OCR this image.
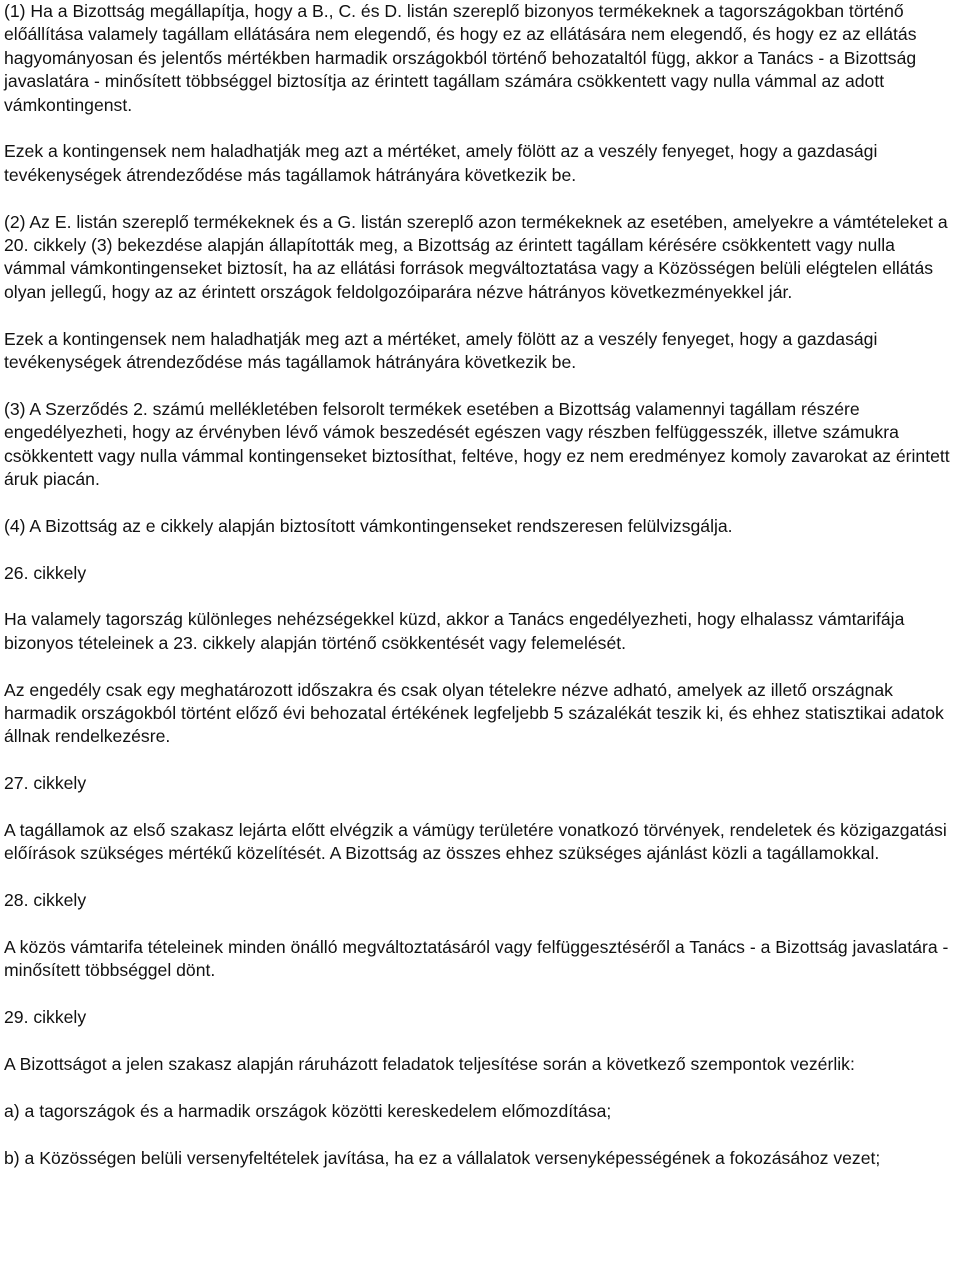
(1) Ha a Bizottság megállapítja, hogy a B., C. és D. listán szereplő bizonyos termékeknek a tagországokban történő előállítása valamely tagállam ellátására nem elegendő, és hogy ez az ellátására nem elegendő, és hogy ez az ellátás hagyományosan és jelentős mértékben harmadik országokból történő behozataltól függ, akkor a Tanács - a Bizottság javaslatára - minősített többséggel biztosítja az érintett tagállam számára csökkentett vagy nulla vámmal az adott vámkontingenst.

Ezek a kontingensek nem haladhatják meg azt a mértéket, amely fölött az a veszély fenyeget, hogy a gazdasági tevékenységek átrendeződése más tagállamok hátrányára következik be.

(2) Az E. listán szereplő termékeknek és a G. listán szereplő azon termékeknek az esetében, amelyekre a vámtételeket a 20. cikkely (3) bekezdése alapján állapították meg, a Bizottság az érintett tagállam kérésére csökkentett vagy nulla vámmal vámkontingenseket biztosít, ha az ellátási források megváltoztatása vagy a Közösségen belüli elégtelen ellátás olyan jellegű, hogy az az érintett országok feldolgozóiparára nézve hátrányos következményekkel jár.

Ezek a kontingensek nem haladhatják meg azt a mértéket, amely fölött az a veszély fenyeget, hogy a gazdasági tevékenységek átrendeződése más tagállamok hátrányára következik be.

(3) A Szerződés 2. számú mellékletében felsorolt termékek esetében a Bizottság valamennyi tagállam részére engedélyezheti, hogy az érvényben lévő vámok beszedését egészen vagy részben felfüggesszék, illetve számukra csökkentett vagy nulla vámmal kontingenseket biztosíthat, feltéve, hogy ez nem eredményez komoly zavarokat az érintett áruk piacán.

(4) A Bizottság az e cikkely alapján biztosított vámkontingenseket rendszeresen felülvizsgálja.

26. cikkely

Ha valamely tagország különleges nehézségekkel küzd, akkor a Tanács engedélyezheti, hogy elhalassz vámtarifája bizonyos tételeinek a 23. cikkely alapján történő csökkentését vagy felemelését.

Az engedély csak egy meghatározott időszakra és csak olyan tételekre nézve adható, amelyek az illető országnak harmadik országokból történt előző évi behozatal értékének legfeljebb 5 százalékát teszik ki, és ehhez statisztikai adatok állnak rendelkezésre.

27. cikkely

A tagállamok az első szakasz lejárta előtt elvégzik a vámügy területére vonatkozó törvények, rendeletek és közigazgatási előírások szükséges mértékű közelítését. A Bizottság az összes ehhez szükséges ajánlást közli a tagállamokkal.

28. cikkely

A közös vámtarifa tételeinek minden önálló megváltoztatásáról vagy felfüggesztéséről a Tanács - a Bizottság javaslatára - minősített többséggel dönt.

29. cikkely

A Bizottságot a jelen szakasz alapján ráruházott feladatok teljesítése során a következő szempontok vezérlik:

a) a tagországok és a harmadik országok közötti kereskedelem előmozdítása;

b) a Közösségen belüli versenyfeltételek javítása, ha ez a vállalatok versenyképességének a fokozásához vezet;
